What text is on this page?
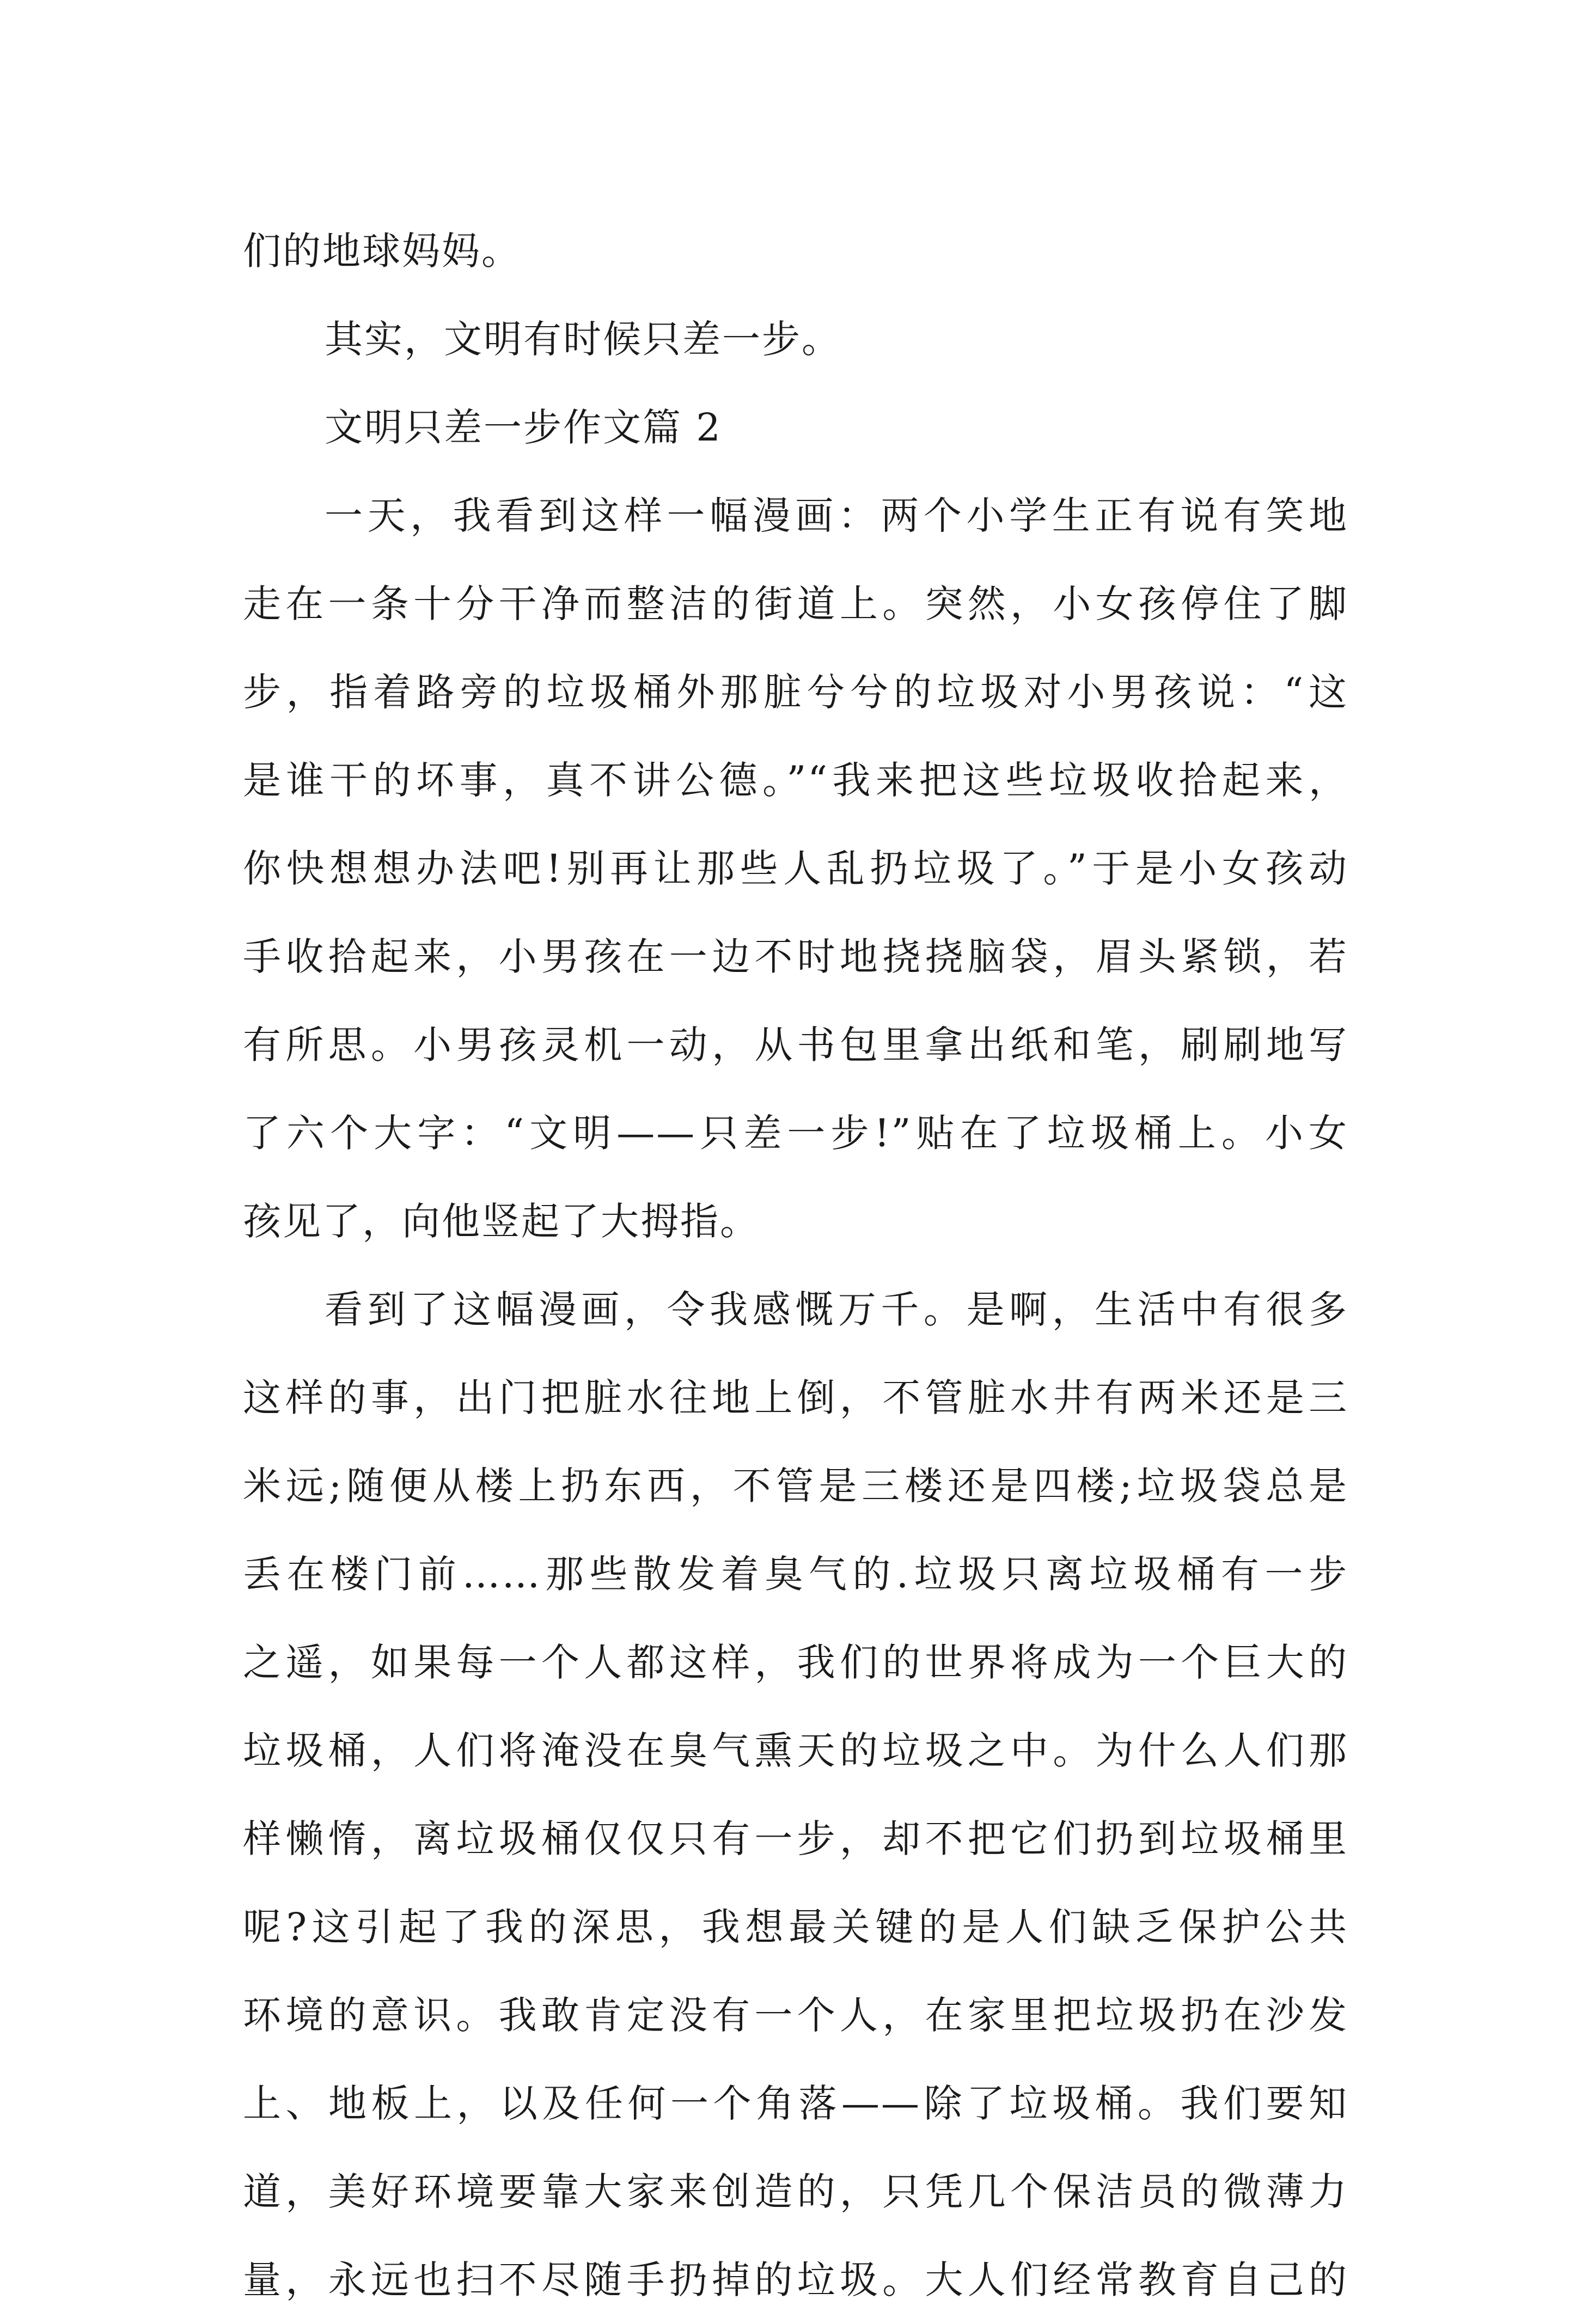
们的地球妈妈。
其实，文明有时候只差一步。
文明只差一步作文篇 2
一天，我看到这样一幅漫画：两个小学生正有说有笑地
走在一条十分干净而整洁的街道上。突然，小女孩停住了脚
步，指着路旁的垃圾桶外那脏兮兮的垃圾对小男孩说：“这
是谁干的坏事，真不讲公德。”“我来把这些垃圾收拾起来，
你快想想办法吧!别再让那些人乱扔垃圾了。”于是小女孩动
手收拾起来，小男孩在一边不时地挠挠脑袋，眉头紧锁，若
有所思。小男孩灵机一动，从书包里拿出纸和笔，刷刷地写
了六个大字：“文明——只差一步!”贴在了垃圾桶上。小女
孩见了，向他竖起了大拇指。
看到了这幅漫画，令我感慨万千。是啊，生活中有很多
这样的事，出门把脏水往地上倒，不管脏水井有两米还是三
米远;随便从楼上扔东西，不管是三楼还是四楼;垃圾袋总是
丢在楼门前……那些散发着臭气的.垃圾只离垃圾桶有一步
之遥，如果每一个人都这样，我们的世界将成为一个巨大的
垃圾桶，人们将淹没在臭气熏天的垃圾之中。为什么人们那
样懒惰，离垃圾桶仅仅只有一步，却不把它们扔到垃圾桶里
呢?这引起了我的深思，我想最关键的是人们缺乏保护公共
环境的意识。我敢肯定没有一个人，在家里把垃圾扔在沙发
上、地板上，以及任何一个角落——除了垃圾桶。我们要知
道，美好环境要靠大家来创造的，只凭几个保洁员的微薄力
量，永远也扫不尽随手扔掉的垃圾。大人们经常教育自己的
